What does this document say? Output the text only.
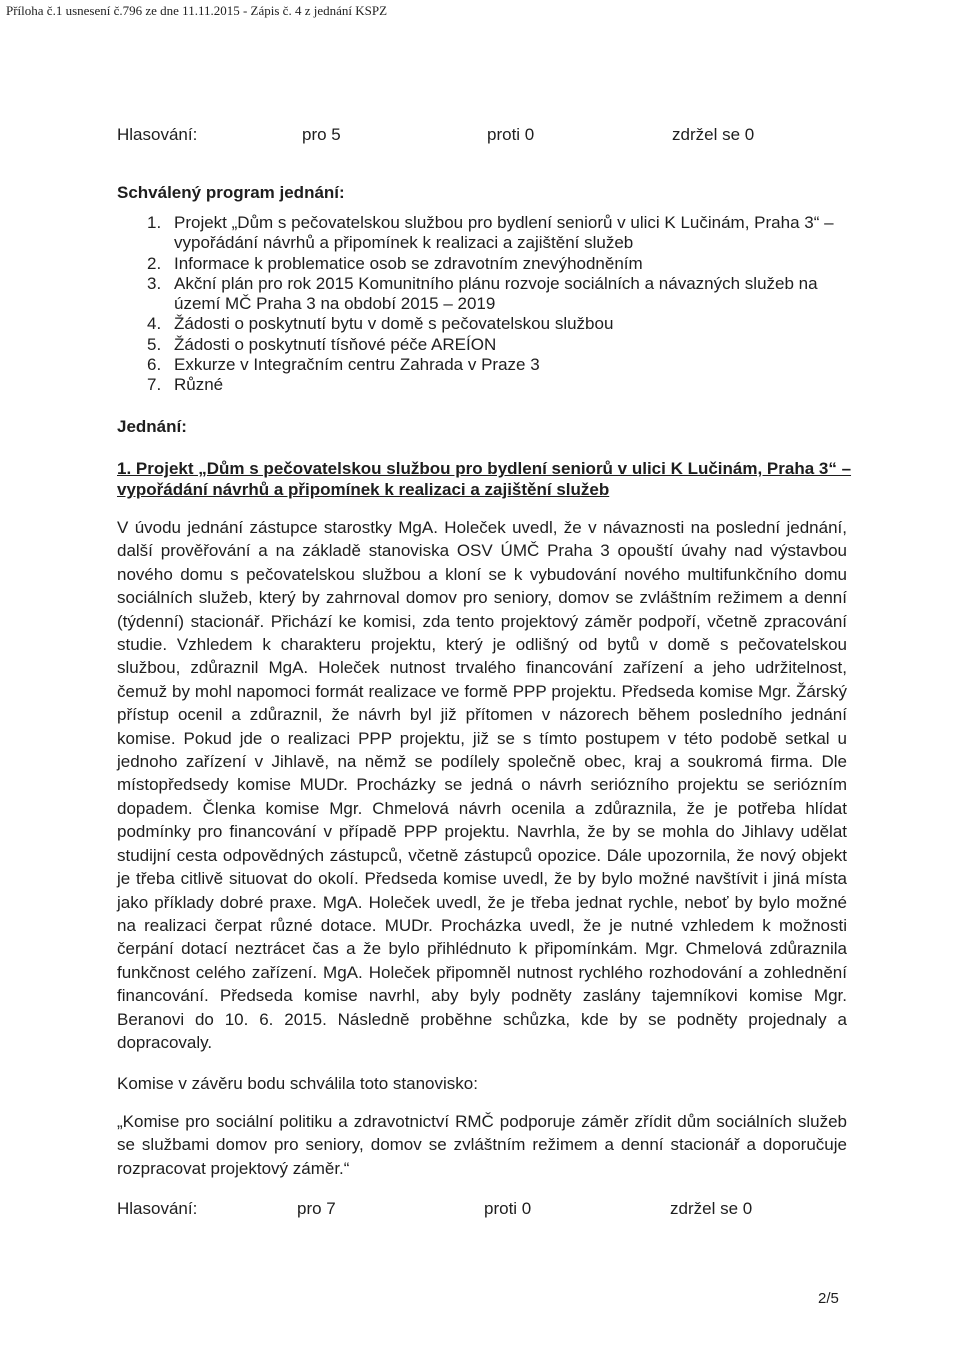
Příloha č.1 usnesení č.796 ze dne 11.11.2015 - Zápis č. 4 z jednání KSPZ
Hlasování:	pro 5	proti 0	zdržel se 0
Schválený program jednání:
1. Projekt „Dům s pečovatelskou službou pro bydlení seniorů v ulici K Lučinám, Praha 3“ – vypořádání návrhů a připomínek k realizaci a zajištění služeb
2. Informace k problematice osob se zdravotním znevýhodněním
3. Akční plán pro rok 2015 Komunitního plánu rozvoje sociálních a návazných služeb na území MČ Praha 3 na období 2015 – 2019
4. Žádosti o poskytnutí bytu v domě s pečovatelskou službou
5. Žádosti o poskytnutí tísňové péče AREÍON
6. Exkurze v Integračním centru Zahrada v Praze 3
7. Různé
Jednání:
1. Projekt „Dům s pečovatelskou službou pro bydlení seniorů v ulici K Lučinám, Praha 3“ – vypořádání návrhů a připomínek k realizaci a zajištění služeb

V úvodu jednání zástupce starostky MgA. Holeček uvedl, že v návaznosti na poslední jednání, další prověřování a na základě stanoviska OSV ÚMČ Praha 3 opouští úvahy nad výstavbou nového domu s pečovatelskou službou a kloní se k vybudování nového multifunkčního domu sociálních služeb, který by zahrnoval domov pro seniory, domov se zvláštním režimem a denní (týdenní) stacionář. Přichází ke komisi, zda tento projektový záměr podpoří, včetně zpracování studie. Vzhledem k charakteru projektu, který je odlišný od bytů v domě s pečovatelskou službou, zdůraznil MgA. Holeček nutnost trvalého financování zařízení a jeho udržitelnost, čemuž by mohl napomoci formát realizace ve formě PPP projektu. Předseda komise Mgr. Žárský přístup ocenil a zdůraznil, že návrh byl již přítomen v názorech během posledního jednání komise. Pokud jde o realizaci PPP projektu, již se s tímto postupem v této podobě setkal u jednoho zařízení v Jihlavě, na němž se podílely společně obec, kraj a soukromá firma. Dle místopředsedy komise MUDr. Procházky se jedná o návrh seriózního projektu se seriózním dopadem. Členka komise Mgr. Chmelová návrh ocenila a zdůraznila, že je potřeba hlídat podmínky pro financování v případě PPP projektu. Navrhla, že by se mohla do Jihlavy udělat studijní cesta odpovědných zástupců, včetně zástupců opozice. Dále upozornila, že nový objekt je třeba citlivě situovat do okolí. Předseda komise uvedl, že by bylo možné navštívit i jiná místa jako příklady dobré praxe. MgA. Holeček uvedl, že je třeba jednat rychle, neboť by bylo možné na realizaci čerpat různé dotace. MUDr. Procházka uvedl, že je nutné vzhledem k možnosti čerpání dotací neztrácet čas a že bylo přihlédnuto k připomínkám. Mgr. Chmelová zdůraznila funkčnost celého zařízení. MgA. Holeček připomněl nutnost rychlého rozhodování a zohlednění financování. Předseda komise navrhl, aby byly podněty zaslány tajemníkovi komise Mgr. Beranovi do 10. 6. 2015. Následně proběhne schůzka, kde by se podněty projednaly a dopracovaly.

Komise v závěru bodu schválila toto stanovisko:

„Komise pro sociální politiku a zdravotnictví RMČ podporuje záměr zřídit dům sociálních služeb se službami domov pro seniory, domov se zvláštním režimem a denní stacionář a doporučuje rozpracovat projektový záměr.“

Hlasování:	pro 7	proti 0	zdržel se 0
2/5
